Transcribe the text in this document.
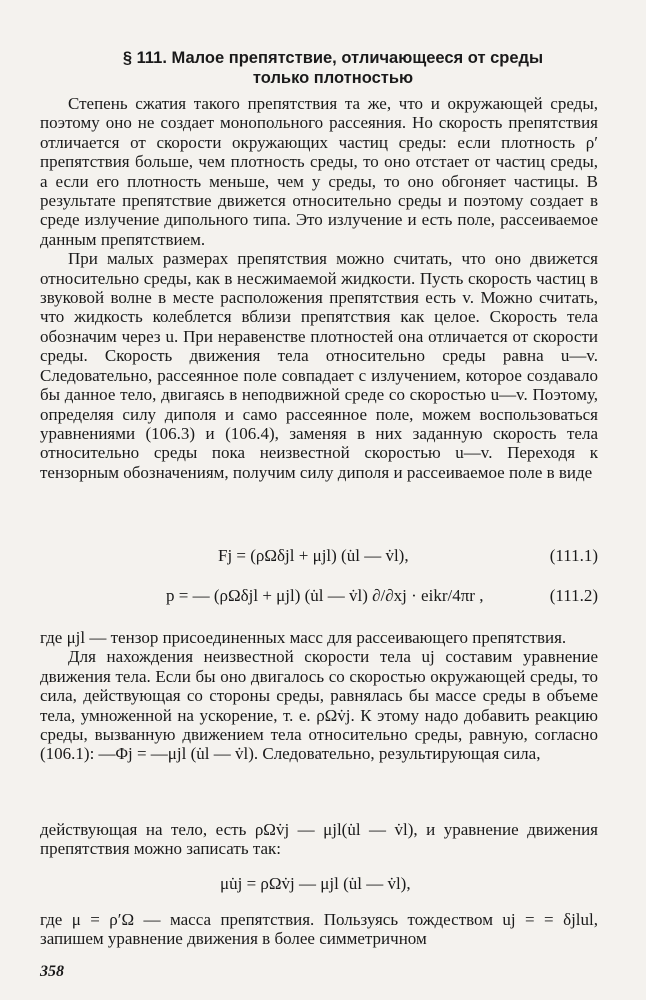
§ 111. Малое препятствие, отличающееся от среды
только плотностью

Степень сжатия такого препятствия та же, что и окружающей среды, поэтому оно не создает монопольного рассеяния. Но скорость препятствия отличается от скорости окружающих частиц среды: если плотность ρ′ препятствия больше, чем плотность среды, то оно отстает от частиц среды, а если его плотность меньше, чем у среды, то оно обгоняет частицы. В результате препятствие движется относительно среды и поэтому создает в среде излучение дипольного типа. Это излучение и есть поле, рассеиваемое данным препятствием.

При малых размерах препятствия можно считать, что оно движется относительно среды, как в несжимаемой жидкости. Пусть скорость частиц в звуковой волне в месте расположения препятствия есть v. Можно считать, что жидкость колеблется вблизи препятствия как целое. Скорость тела обозначим через u. При неравенстве плотностей она отличается от скорости среды. Скорость движения тела относительно среды равна u—v. Следовательно, рассеянное поле совпадает с излучением, которое создавало бы данное тело, двигаясь в неподвижной среде со скоростью u—v. Поэтому, определяя силу диполя и само рассеянное поле, можем воспользоваться уравнениями (106.3) и (106.4), заменяя в них заданную скорость тела относительно среды пока неизвестной скоростью u—v. Переходя к тензорным обозначениям, получим силу диполя и рассеиваемое поле в виде

Fj = (ρΩδjl + μjl) (u̇l — v̇l),	(111.1)
p = — (ρΩδjl + μjl) (u̇l — v̇l) ∂/∂xj · eikr/4πr ,	(111.2)

где μjl — тензор присоединенных масс для рассеивающего препятствия.

Для нахождения неизвестной скорости тела uj составим уравнение движения тела. Если бы оно двигалось со скоростью окружающей среды, то сила, действующая со стороны среды, равнялась бы массе среды в объеме тела, умноженной на ускорение, т. е. ρΩv̇j. К этому надо добавить реакцию среды, вызванную движением тела относительно среды, равную, согласно (106.1): —Φj = —μjl (u̇l — v̇l). Следовательно, результирующая сила,

действующая на тело, есть ρΩv̇j — μjl(u̇l — v̇l), и уравнение движения препятствия можно записать так:

μu̇j = ρΩv̇j — μjl (u̇l — v̇l),

где μ = ρ′Ω — масса препятствия. Пользуясь тождеством uj = = δjlul, запишем уравнение движения в более симметричном

358
